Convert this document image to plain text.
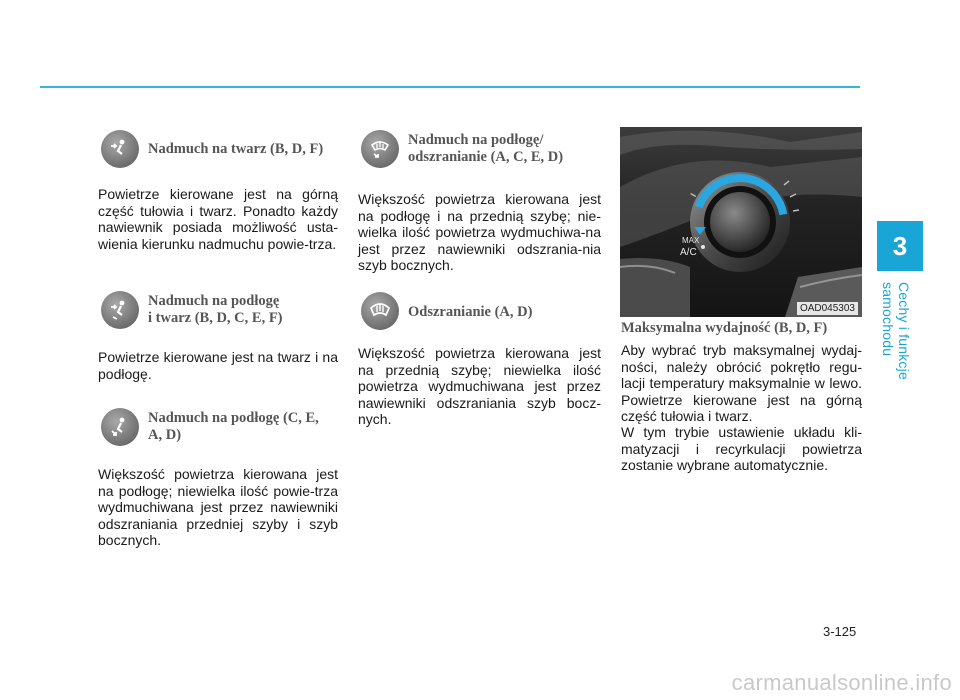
3
Cechy i funkcje samochodu
Nadmuch na twarz (B, D, F)
Powietrze kierowane jest na górną część tułowia i twarz. Ponadto każdy nawiewnik posiada możliwość usta-wienia kierunku nadmuchu powie-trza.
Nadmuch na podłogę
i twarz (B, D, C, E, F)
Powietrze kierowane jest na twarz i na podłogę.
Nadmuch na podłogę (C, E,
A, D)
Większość powietrza kierowana jest na podłogę; niewielka ilość powie-trza wydmuchiwana jest przez nawiewniki odszraniania przedniej szyby i szyb bocznych.
Nadmuch na podłogę/
odszranianie (A, C, E, D)
Większość powietrza kierowana jest na podłogę i na przednią szybę; nie-wielka ilość powietrza wydmuchiwa-na jest przez nawiewniki odszrania-nia szyb bocznych.
Odszranianie (A, D)
Większość powietrza kierowana jest na przednią szybę; niewielka ilość powietrza wydmuchiwana jest przez nawiewniki odszraniania szyb bocz-nych.
MAX
A/C
OAD045303
Maksymalna wydajność (B, D, F)
Aby wybrać tryb maksymalnej wydaj-ności, należy obrócić pokrętło regu-lacji temperatury maksymalnie w lewo. Powietrze kierowane jest na górną część tułowia i twarz.
W tym trybie ustawienie układu kli-matyzacji i recyrkulacji powietrza zostanie wybrane automatycznie.
3-125
carmanualsonline.info
